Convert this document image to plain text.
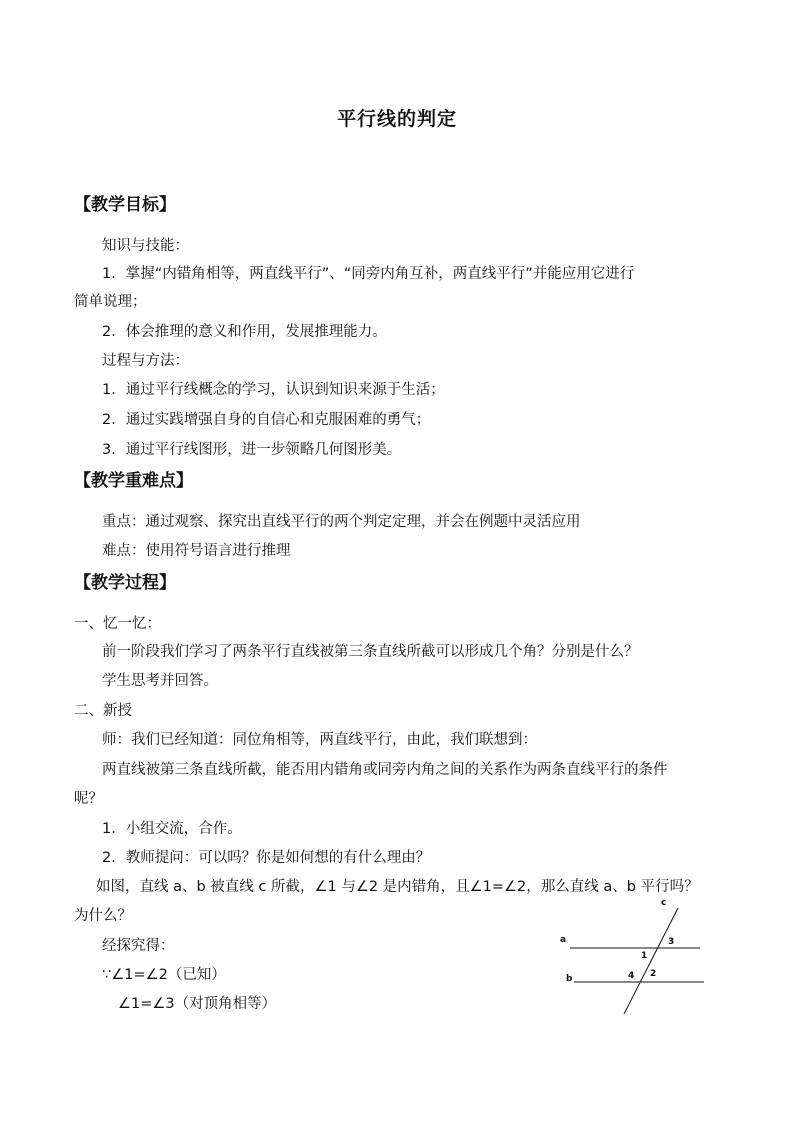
平行线的判定
【教学目标】
知识与技能：
1．掌握“内错角相等，两直线平行”、“同旁内角互补，两直线平行”并能应用它进行
简单说理；
2．体会推理的意义和作用，发展推理能力。
过程与方法：
1．通过平行线概念的学习，认识到知识来源于生活；
2．通过实践增强自身的自信心和克服困难的勇气；
3．通过平行线图形，进一步领略几何图形美。
【教学重难点】
重点：通过观察、探究出直线平行的两个判定定理，并会在例题中灵活应用
难点：使用符号语言进行推理
【教学过程】
一、忆一忆：
前一阶段我们学习了两条平行直线被第三条直线所截可以形成几个角？分别是什么？
学生思考并回答。
二、新授
师：我们已经知道：同位角相等，两直线平行，由此，我们联想到：
两直线被第三条直线所截，能否用内错角或同旁内角之间的关系作为两条直线平行的条件
呢？
1．小组交流，合作。
2．教师提问：可以吗？你是如何想的有什么理由？
如图，直线 a、b 被直线 c 所截，∠1 与∠2 是内错角，且∠1=∠2，那么直线 a、b 平行吗？
为什么？
经探究得：
∵∠1=∠2（已知）
∠1=∠3（对顶角相等）
c
a
b
3
1
4 2
